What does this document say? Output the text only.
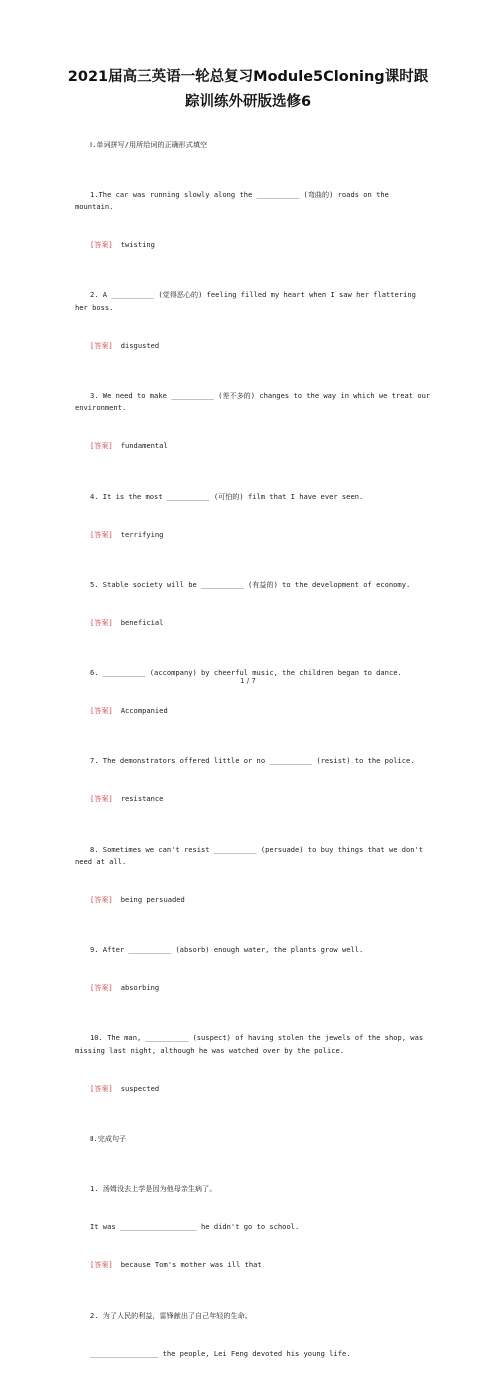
2021届高三英语一轮总复习Module5Cloning课时跟
踪训练外研版选修6

Ⅰ.单词拼写/用所给词的正确形式填空

1.The car was running slowly along the __________ (弯曲的) roads on the mountain.

[答案] twisting

2. A __________ (觉得恶心的) feeling filled my heart when I saw her flattering her boss.

[答案] disgusted

3. We need to make __________ (差不多的) changes to the way in which we treat our environment.

[答案] fundamental

4. It is the most __________ (可怕的) film that I have ever seen.

[答案] terrifying

5. Stable society will be __________ (有益的) to the development of economy.

[答案] beneficial

6. __________ (accompany) by cheerful music, the children began to dance.

[答案] Accompanied

7. The demonstrators offered little or no __________ (resist) to the police.

[答案] resistance

8. Sometimes we can't resist __________ (persuade) to buy things that we don't need at all.

[答案] being persuaded

9. After __________ (absorb) enough water, the plants grow well.

[答案] absorbing

10. The man, __________ (suspect) of having stolen the jewels of the shop, was missing last night, although he was watched over by the police.

[答案] suspected

Ⅱ.完成句子

1. 汤姆没去上学是因为他母亲生病了。

It was __________________ he didn't go to school.

[答案] because Tom's mother was ill that

2. 为了人民的利益，雷锋献出了自己年轻的生命。

________________ the people, Lei Feng devoted his young life.

1 / 7
